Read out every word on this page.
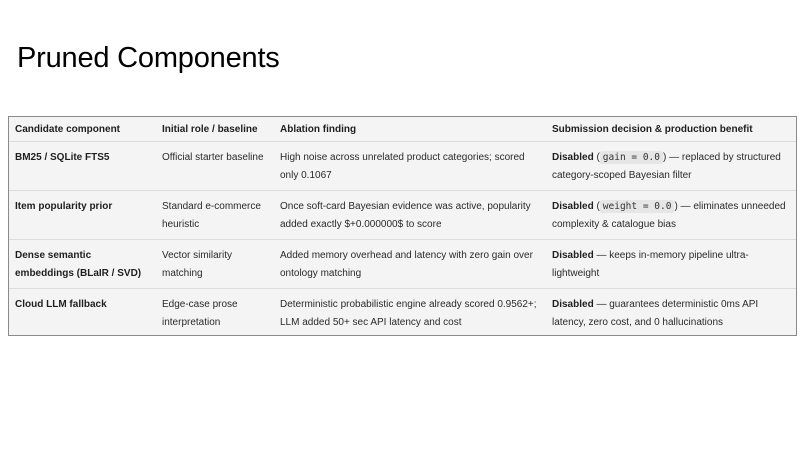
Pruned Components
Candidate component	Initial role / baseline	Ablation finding	Submission decision & production benefit
BM25 / SQLite FTS5	Official starter baseline	High noise across unrelated product categories; scored only 0.1067	Disabled ( gain = 0.0 ) — replaced by structured category-scoped Bayesian filter
Item popularity prior	Standard e-commerce heuristic	Once soft-card Bayesian evidence was active, popularity added exactly $+0.000000$ to score	Disabled ( weight = 0.0 ) — eliminates unneeded complexity & catalogue bias
Dense semantic embeddings (BLaIR / SVD)	Vector similarity matching	Added memory overhead and latency with zero gain over ontology matching	Disabled — keeps in-memory pipeline ultra-lightweight
Cloud LLM fallback	Edge-case prose interpretation	Deterministic probabilistic engine already scored 0.9562+; LLM added 50+ sec API latency and cost	Disabled — guarantees deterministic 0ms API latency, zero cost, and 0 hallucinations
